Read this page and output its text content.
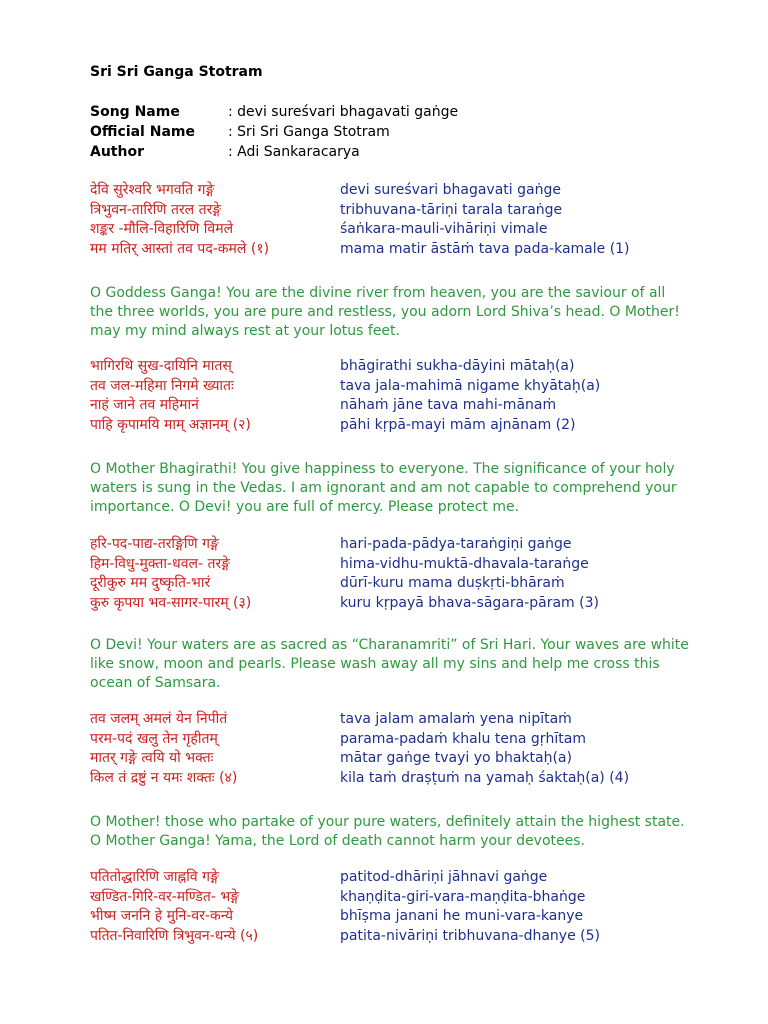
Sri Sri Ganga Stotram
Song Name	: devi sureśvari bhagavati gaṅge
Official Name	: Sri Sri Ganga Stotram
Author	: Adi Sankaracarya
देवि सुरेश्वरि भगवति गङ्गे	devi sureśvari bhagavati gaṅge
त्रिभुवन-तारिणि तरल तरङ्गे	tribhuvana-tāriṇi tarala taraṅge
शङ्कर -मौलि-विहारिणि विमले	śaṅkara-mauli-vihāriṇi vimale
मम मतिर् आस्तां तव पद-कमले (१)	mama matir āstāṁ tava pada-kamale (1)
O Goddess Ganga! You are the divine river from heaven, you are the saviour of all the three worlds, you are pure and restless, you adorn Lord Shiva’s head. O Mother! may my mind always rest at your lotus feet.
भागिरथि सुख-दायिनि मातस्	bhāgirathi sukha-dāyini mātaḥ(a)
तव जल-महिमा निगमे ख्यातः	tava jala-mahimā nigame khyātaḥ(a)
नाहं जाने तव महिमानं	nāhaṁ jāne tava mahi-mānaṁ
पाहि कृपामयि माम् अज्ञानम् (२)	pāhi kṛpā-mayi mām ajnānam (2)
O Mother Bhagirathi! You give happiness to everyone. The significance of your holy waters is sung in the Vedas. I am ignorant and am not capable to comprehend your importance. O Devi! you are full of mercy. Please protect me.
हरि-पद-पाद्य-तरङ्गिणि गङ्गे	hari-pada-pādya-taraṅgiṇi gaṅge
हिम-विधु-मुक्ता-धवल- तरङ्गे	hima-vidhu-muktā-dhavala-taraṅge
दूरीकुरु मम दुष्कृति-भारं	dūrī-kuru mama duṣkṛti-bhāraṁ
कुरु कृपया भव-सागर-पारम् (३)	kuru kṛpayā bhava-sāgara-pāram (3)
O Devi! Your waters are as sacred as “Charanamriti” of Sri Hari. Your waves are white like snow, moon and pearls. Please wash away all my sins and help me cross this ocean of Samsara.
तव जलम् अमलं येन निपीतं	tava jalam amalaṁ yena nipītaṁ
परम-पदं खलु तेन गृहीतम्	parama-padaṁ khalu tena gṛhītam
मातर् गङ्गे त्वयि यो भक्तः	mātar gaṅge tvayi yo bhaktaḥ(a)
किल तं द्रष्टुं न यमः शक्तः (४)	kila taṁ draṣṭuṁ na yamaḥ śaktaḥ(a) (4)
O Mother! those who partake of your pure waters, definitely attain the highest state. O Mother Ganga! Yama, the Lord of death cannot harm your devotees.
पतितोद्धारिणि जाह्नवि गङ्गे	patitod-dhāriṇi jāhnavi gaṅge
खण्डित-गिरि-वर-मण्डित- भङ्गे	khaṇḍita-giri-vara-maṇḍita-bhaṅge
भीष्म जननि हे मुनि-वर-कन्ये	bhīṣma janani he muni-vara-kanye
पतित-निवारिणि त्रिभुवन-धन्ये (५)	patita-nivāriṇi tribhuvana-dhanye (5)
